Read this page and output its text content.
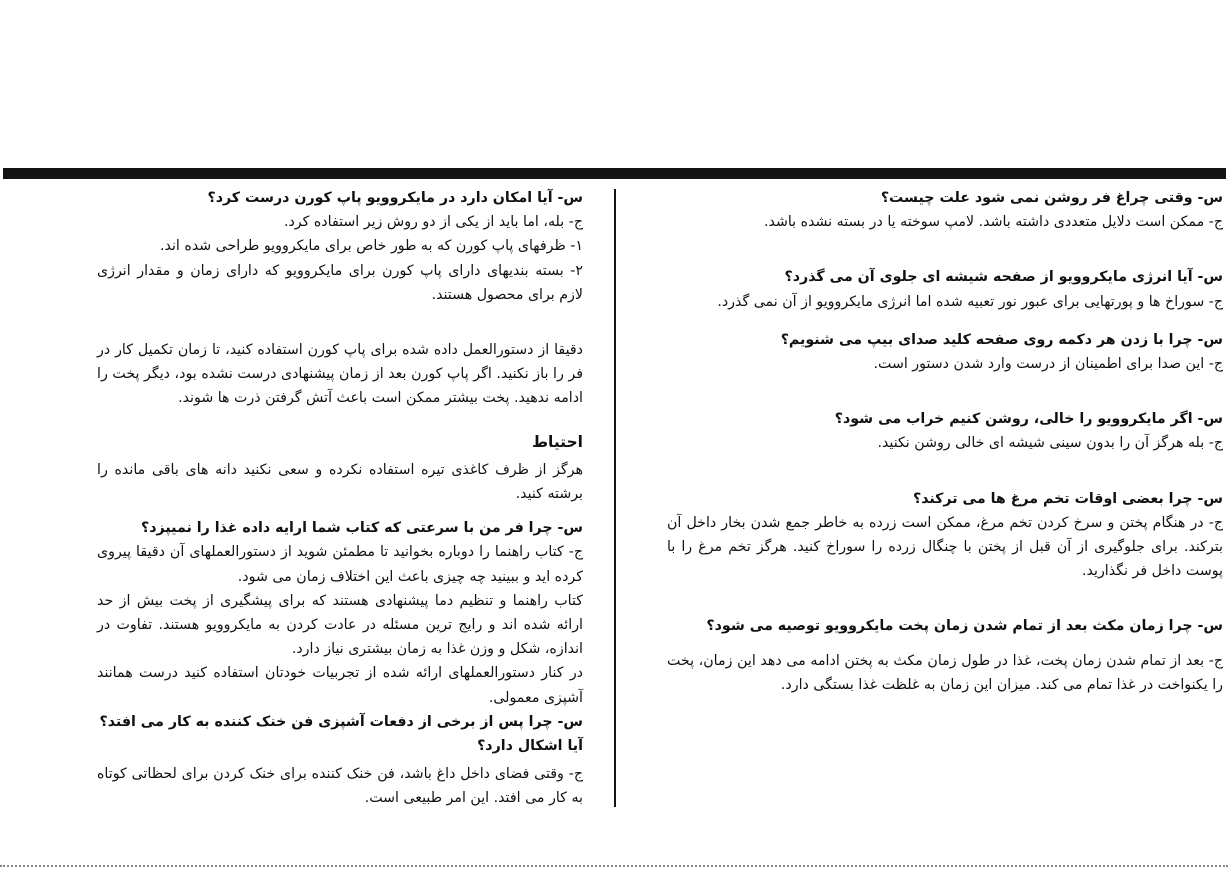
س- وقتی چراغ فر روشن نمی شود علت چیست؟

ج- ممکن است دلایل متعددی داشته باشد. لامپ سوخته یا در بسته نشده باشد.

س- آیا انرژی مایکروویو از صفحه شیشه ای جلوی آن می گذرد؟

ج- سوراخ ها و پورتهایی برای عبور نور تعبیه شده اما انرژی مایکروویو از آن نمی گذرد.

س- چرا با زدن هر دکمه روی صفحه کلید صدای بیپ می شنویم؟

ج- این صدا برای اطمینان از درست وارد شدن دستور است.

س- اگر مایکروویو را خالی، روشن کنیم خراب می شود؟

ج- بله هرگز آن را بدون سینی شیشه ای خالی روشن نکنید.

س- چرا بعضی اوقات تخم مرغ ها می ترکند؟

ج- در هنگام پختن و سرخ کردن تخم مرغ، ممکن است زرده به خاطر جمع شدن بخار داخل آن بترکند. برای جلوگیری از آن قبل از پختن با چنگال زرده را سوراخ کنید. هرگز تخم مرغ را با پوست داخل فر نگذارید.

س- چرا زمان مکث بعد از تمام شدن زمان پخت مایکروویو توصیه می شود؟

ج- بعد از تمام شدن زمان پخت، غذا در طول زمان مکث به پختن ادامه می دهد این زمان، پخت را یکنواخت در غذا تمام می کند. میزان این زمان به غلظت غذا بستگی دارد.

س- آیا امکان دارد در مایکروویو پاپ کورن درست کرد؟

ج- بله، اما باید از یکی از دو روش زیر استفاده کرد.

۱- ظرفهای پاپ کورن که به طور خاص برای مایکروویو طراحی شده اند.

۲- بسته بندیهای دارای پاپ کورن برای مایکروویو که دارای زمان و مقدار انرژی لازم برای محصول هستند.

دقیقا از دستورالعمل داده شده برای پاپ کورن استفاده کنید، تا زمان تکمیل کار در فر را باز نکنید. اگر پاپ کورن بعد از زمان پیشنهادی درست نشده بود، دیگر پخت را ادامه ندهید. پخت بیشتر ممکن است باعث آتش گرفتن ذرت ها شوند.

احتیاط

هرگز از ظرف کاغذی تیره استفاده نکرده و سعی نکنید دانه های باقی مانده را برشته کنید.

س- چرا فر من با سرعتی که کتاب شما ارایه داده غذا را نمیپزد؟

ج- کتاب راهنما را دوباره بخوانید تا مطمئن شوید از دستورالعملهای آن دقیقا پیروی کرده اید و ببینید چه چیزی باعث این اختلاف زمان می شود.

کتاب راهنما و تنظیم دما پیشنهادی هستند که برای پیشگیری از پخت بیش از حد ارائه شده اند و رایج ترین مسئله در عادت کردن به مایکروویو هستند. تفاوت در اندازه، شکل و وزن غذا به زمان بیشتری نیاز دارد.

در کنار دستورالعملهای ارائه شده از تجربیات خودتان استفاده کنید درست همانند آشپزی معمولی.

س- چرا پس از برخی از دفعات آشپزی فن خنک کننده به کار می افتد؟

آیا اشکال دارد؟

ج- وقتی فضای داخل داغ باشد، فن خنک کننده برای خنک کردن برای لحظاتی کوتاه به کار می افتد. این امر طبیعی است.
